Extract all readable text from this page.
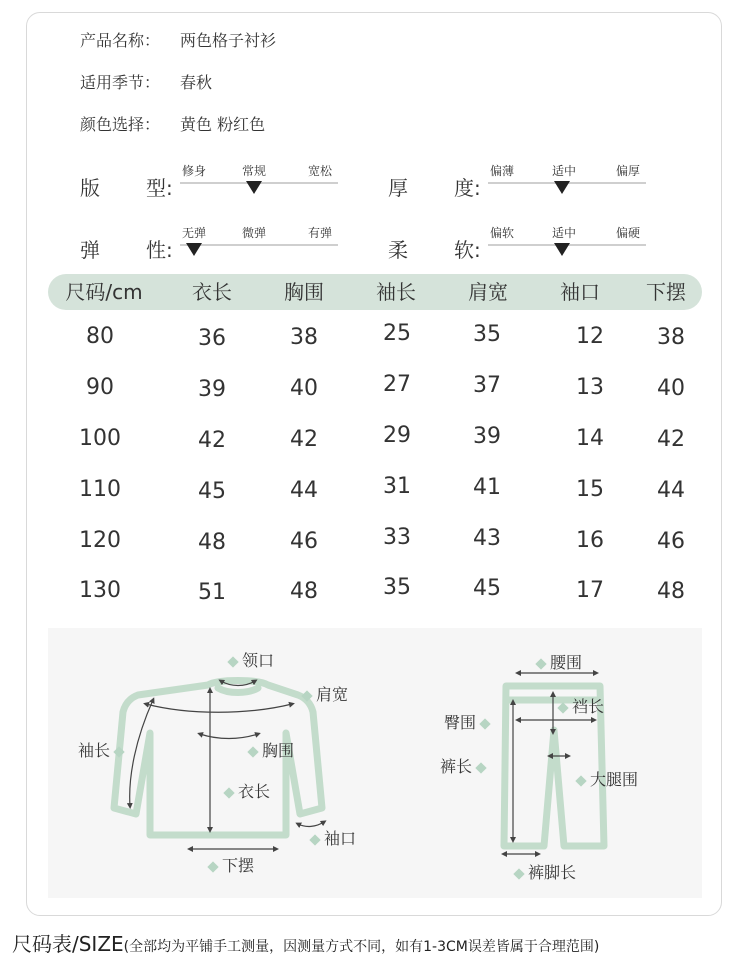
产品名称： 两色格子衬衫
适用季节： 春秋
颜色选择： 黄色 粉红色
版 型:
修身	常规	宽松
厚 度:
偏薄	适中	偏厚
弹 性:
无弹	微弹	有弹
柔 软:
偏软	适中	偏硬
尺码/cm 衣长	胸围	袖长	肩宽	袖口 下摆
80	36	38	25	35	12 38
90	39	40	27	37	13 40
100	42	42	29	39	14 42
110	45	44	31	41	15 44
120	48	46	33	43	16 46
130	51	48	35	45	17 48
领口
肩宽
袖长	胸围
衣长
袖口
下摆
腰围
裆长
臀围
裤长
大腿围
裤脚长
尺码表/SIZE(全部均为平铺手工测量，因测量方式不同，如有1-3CM误差皆属于合理范围)
